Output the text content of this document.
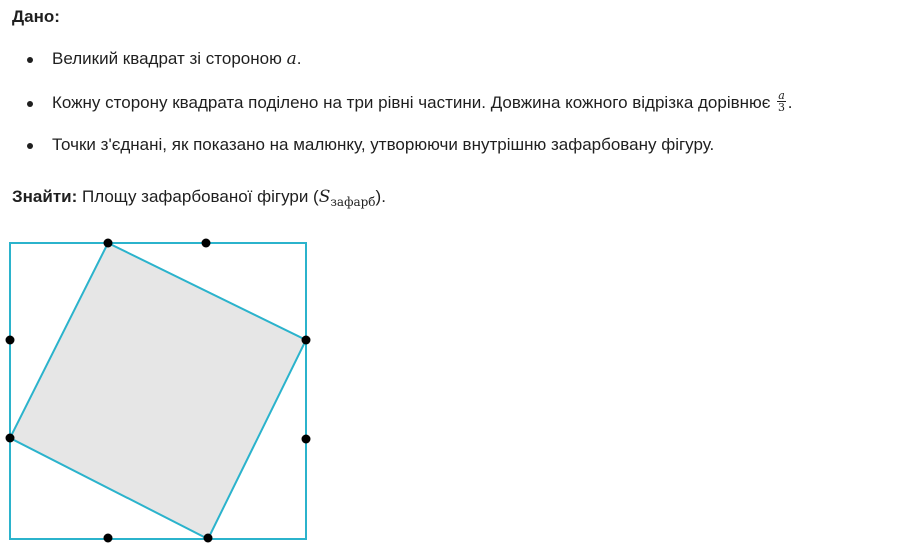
Дано:
Великий квадрат зі стороною a.
Кожну сторону квадрата поділено на три рівні частини. Довжина кожного відрізка дорівнює $\frac{a}{3}$ .
Точки з'єднані, як показано на малюнку, утворюючи внутрішню зафарбовану фігуру.
Знайти: Площу зафарбованої фігури $(S_{зафарб})$.
